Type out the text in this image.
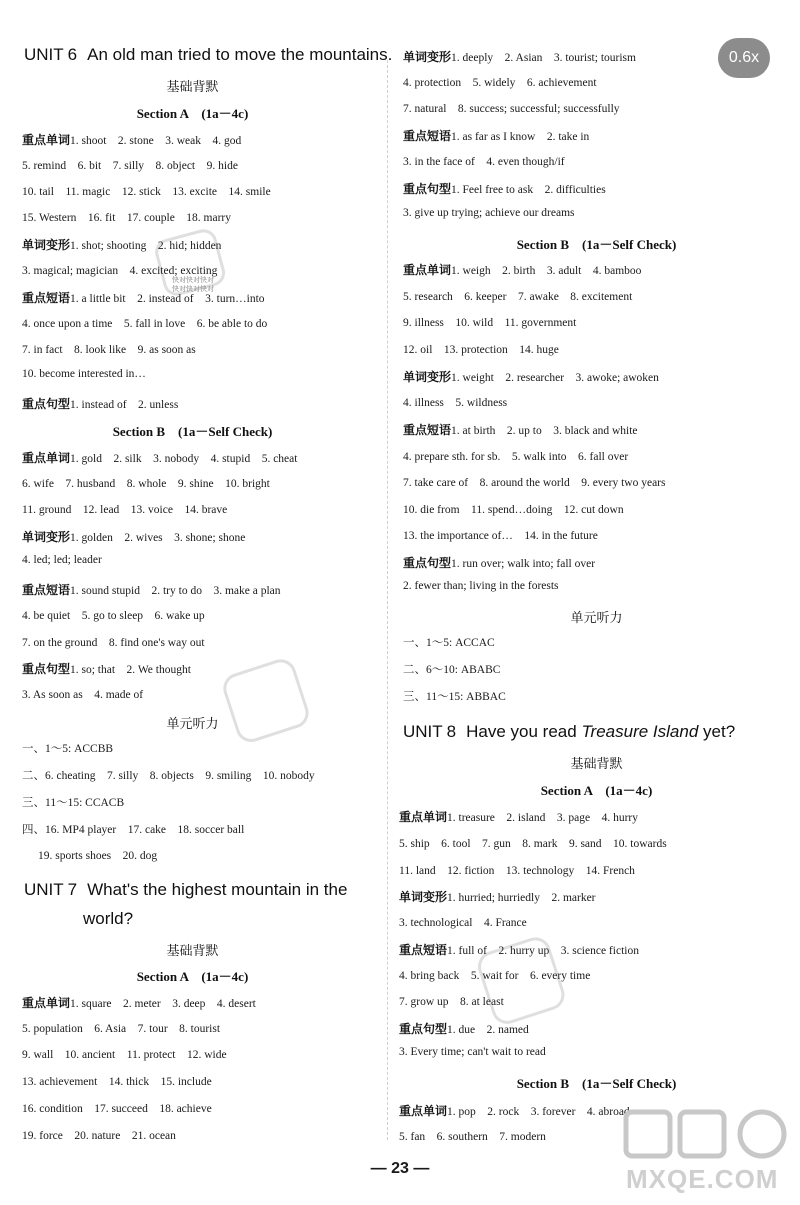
UNIT 6 An old man tried to move the mountains.
基础背默
Section A　(1a－4c)
重点单词1. shoot　2. stone　3. weak　4. god
5. remind　6. bit　7. silly　8. object　9. hide
10. tail　11. magic　12. stick　13. excite　14. smile
15. Western　16. fit　17. couple　18. marry
单词变形1. shot; shooting　2. hid; hidden
3. magical; magician　4. excited; exciting
重点短语1. a little bit　2. instead of　3. turn…into
4. once upon a time　5. fall in love　6. be able to do
7. in fact　8. look like　9. as soon as
10. become interested in…
重点句型1. instead of　2. unless
Section B　(1a－Self Check)
重点单词1. gold　2. silk　3. nobody　4. stupid　5. cheat
6. wife　7. husband　8. whole　9. shine　10. bright
11. ground　12. lead　13. voice　14. brave
单词变形1. golden　2. wives　3. shone; shone
4. led; led; leader
重点短语1. sound stupid　2. try to do　3. make a plan
4. be quiet　5. go to sleep　6. wake up
7. on the ground　8. find one's way out
重点句型1. so; that　2. We thought
3. As soon as　4. made of
单元听力
一、1～5: ACCBB
二、6. cheating　7. silly　8. objects　9. smiling　10. nobody
三、11～15: CCACB
四、16. MP4 player　17. cake　18. soccer ball
19. sports shoes　20. dog
UNIT 7 What's the highest mountain in the
world?
基础背默
Section A　(1a－4c)
重点单词1. square　2. meter　3. deep　4. desert
5. population　6. Asia　7. tour　8. tourist
9. wall　10. ancient　11. protect　12. wide
13. achievement　14. thick　15. include
16. condition　17. succeed　18. achieve
19. force　20. nature　21. ocean
单词变形1. deeply　2. Asian　3. tourist; tourism
4. protection　5. widely　6. achievement
7. natural　8. success; successful; successfully
重点短语1. as far as I know　2. take in
3. in the face of　4. even though/if
重点句型1. Feel free to ask　2. difficulties
3. give up trying; achieve our dreams
Section B　(1a－Self Check)
重点单词1. weigh　2. birth　3. adult　4. bamboo
5. research　6. keeper　7. awake　8. excitement
9. illness　10. wild　11. government
12. oil　13. protection　14. huge
单词变形1. weight　2. researcher　3. awoke; awoken
4. illness　5. wildness
重点短语1. at birth　2. up to　3. black and white
4. prepare sth. for sb.　5. walk into　6. fall over
7. take care of　8. around the world　9. every two years
10. die from　11. spend…doing　12. cut down
13. the importance of…　14. in the future
重点句型1. run over; walk into; fall over
2. fewer than; living in the forests
单元听力
一、1～5: ACCAC
二、6～10: ABABC
三、11～15: ABBAC
UNIT 8 Have you read Treasure Island yet?
基础背默
Section A　(1a－4c)
重点单词1. treasure　2. island　3. page　4. hurry
5. ship　6. tool　7. gun　8. mark　9. sand　10. towards
11. land　12. fiction　13. technology　14. French
单词变形1. hurried; hurriedly　2. marker
3. technological　4. France
重点短语1. full of　2. hurry up　3. science fiction
4. bring back　5. wait for　6. every time
7. grow up　8. at least
重点句型1. due　2. named
3. Every time; can't wait to read
Section B　(1a－Self Check)
重点单词1. pop　2. rock　3. forever　4. abroad
5. fan　6. southern　7. modern
0.6x
— 23 —
快对快对快对
快对快对快对
MXQE.COM
